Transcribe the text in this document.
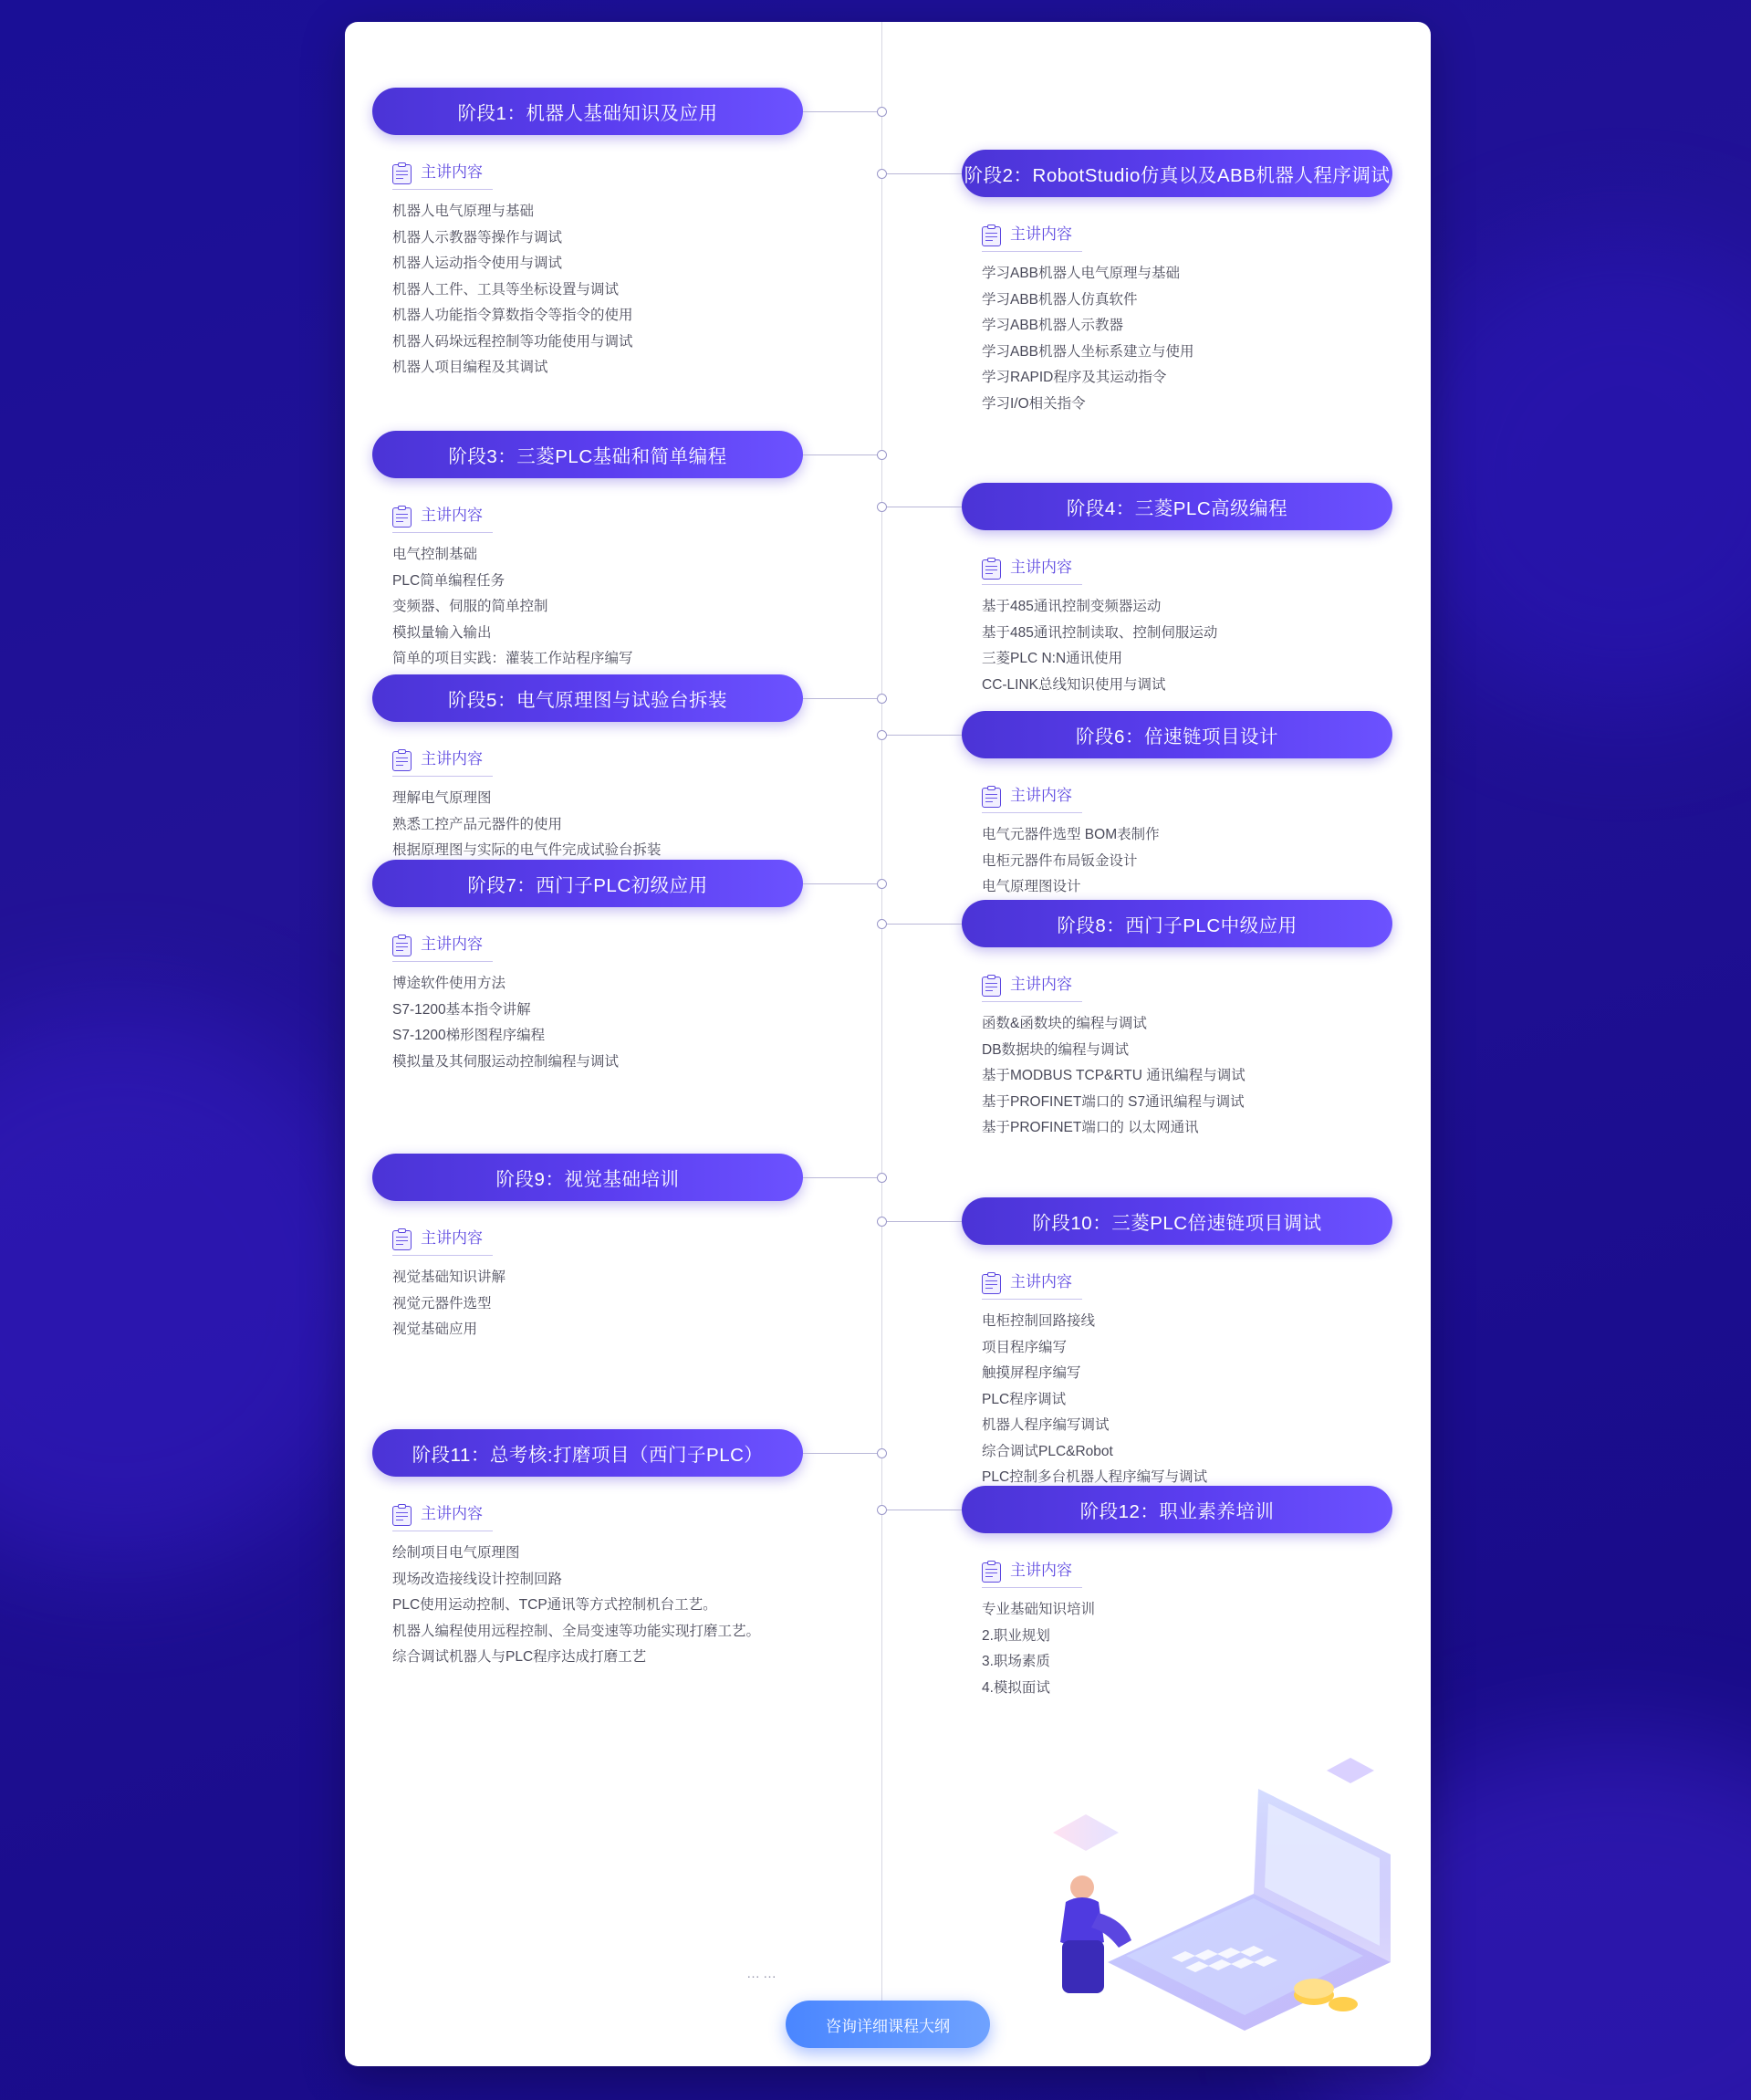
阶段1：机器人基础知识及应用
主讲内容
机器人电气原理与基础
机器人示教器等操作与调试
机器人运动指令使用与调试
机器人工件、工具等坐标设置与调试
机器人功能指令算数指令等指令的使用
机器人码垛远程控制等功能使用与调试
机器人项目编程及其调试
阶段2：RobotStudio仿真以及ABB机器人程序调试
主讲内容
学习ABB机器人电气原理与基础
学习ABB机器人仿真软件
学习ABB机器人示教器
学习ABB机器人坐标系建立与使用
学习RAPID程序及其运动指令
学习I/O相关指令
阶段3：三菱PLC基础和简单编程
主讲内容
电气控制基础
PLC简单编程任务
变频器、伺服的简单控制
模拟量输入输出
简单的项目实践：灌装工作站程序编写
阶段4：三菱PLC高级编程
主讲内容
基于485通讯控制变频器运动
基于485通讯控制读取、控制伺服运动
三菱PLC N:N通讯使用
CC-LINK总线知识使用与调试
阶段5：电气原理图与试验台拆装
主讲内容
理解电气原理图
熟悉工控产品元器件的使用
根据原理图与实际的电气件完成试验台拆装
阶段6：倍速链项目设计
主讲内容
电气元器件选型 BOM表制作
电柜元器件布局钣金设计
电气原理图设计
阶段7：西门子PLC初级应用
主讲内容
博途软件使用方法
S7-1200基本指令讲解
S7-1200梯形图程序编程
模拟量及其伺服运动控制编程与调试
阶段8：西门子PLC中级应用
主讲内容
函数&函数块的编程与调试
DB数据块的编程与调试
基于MODBUS TCP&RTU 通讯编程与调试
基于PROFINET端口的 S7通讯编程与调试
基于PROFINET端口的 以太网通讯
阶段9：视觉基础培训
主讲内容
视觉基础知识讲解
视觉元器件选型
视觉基础应用
阶段10：三菱PLC倍速链项目调试
主讲内容
电柜控制回路接线
项目程序编写
触摸屏程序编写
PLC程序调试
机器人程序编写调试
综合调试PLC&Robot
PLC控制多台机器人程序编写与调试
阶段11：总考核:打磨项目（西门子PLC）
主讲内容
绘制项目电气原理图
现场改造接线设计控制回路
PLC使用运动控制、TCP通讯等方式控制机台工艺。
机器人编程使用远程控制、全局变速等功能实现打磨工艺。
综合调试机器人与PLC程序达成打磨工艺
阶段12：职业素养培训
主讲内容
专业基础知识培训
2.职业规划
3.职场素质
4.模拟面试
……
咨询详细课程大纲
